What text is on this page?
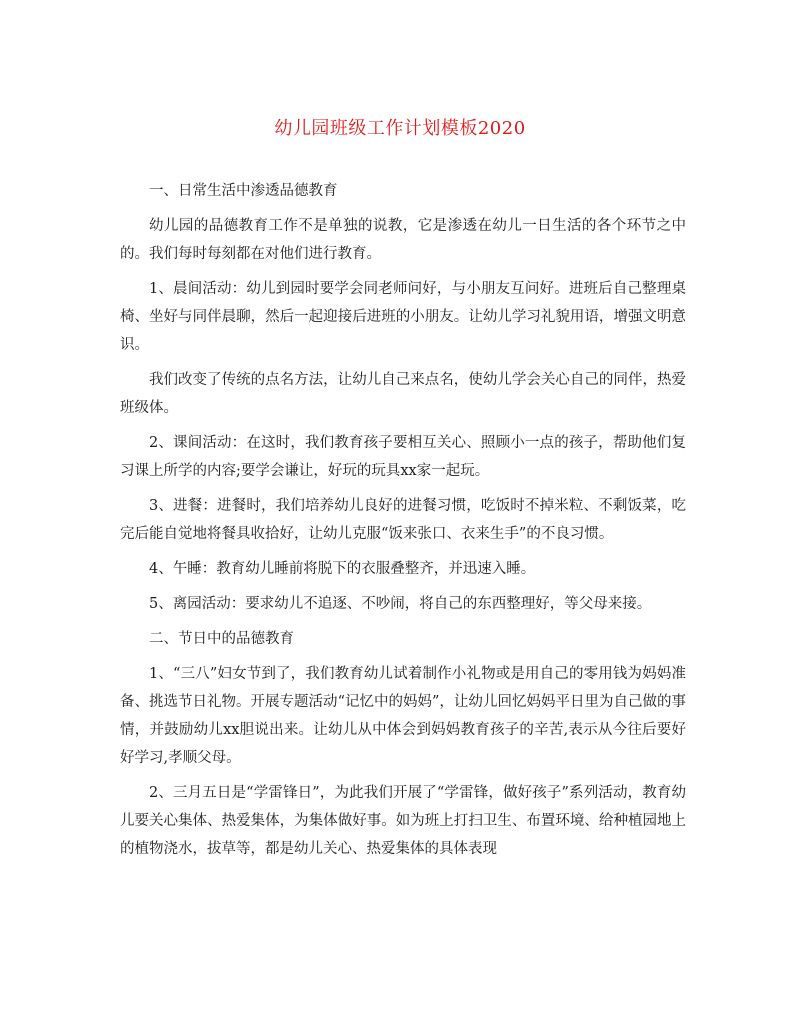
幼儿园班级工作计划模板2020

一、日常生活中渗透品德教育

幼儿园的品德教育工作不是单独的说教，它是渗透在幼儿一日生活的各个环节之中的。我们每时每刻都在对他们进行教育。

1、晨间活动：幼儿到园时要学会同老师问好，与小朋友互问好。进班后自己整理桌椅、坐好与同伴晨聊，然后一起迎接后进班的小朋友。让幼儿学习礼貌用语，增强文明意识。

我们改变了传统的点名方法，让幼儿自己来点名，使幼儿学会关心自己的同伴，热爱班级体。

2、课间活动：在这时，我们教育孩子要相互关心、照顾小一点的孩子，帮助他们复习课上所学的内容;要学会谦让，好玩的玩具xx家一起玩。

3、进餐：进餐时，我们培养幼儿良好的进餐习惯，吃饭时不掉米粒、不剩饭菜，吃完后能自觉地将餐具收拾好，让幼儿克服“饭来张口、衣来生手”的不良习惯。

4、午睡：教育幼儿睡前将脱下的衣服叠整齐，并迅速入睡。

5、离园活动：要求幼儿不追逐、不吵闹，将自己的东西整理好，等父母来接。

二、节日中的品德教育

1、“三八”妇女节到了，我们教育幼儿试着制作小礼物或是用自己的零用钱为妈妈准备、挑选节日礼物。开展专题活动“记忆中的妈妈”，让幼儿回忆妈妈平日里为自己做的事情，并鼓励幼儿xx胆说出来。让幼儿从中体会到妈妈教育孩子的辛苦,表示从今往后要好好学习,孝顺父母。

2、三月五日是“学雷锋日”，为此我们开展了“学雷锋，做好孩子”系列活动，教育幼儿要关心集体、热爱集体，为集体做好事。如为班上打扫卫生、布置环境、给种植园地上的植物浇水，拔草等，都是幼儿关心、热爱集体的具体表现
